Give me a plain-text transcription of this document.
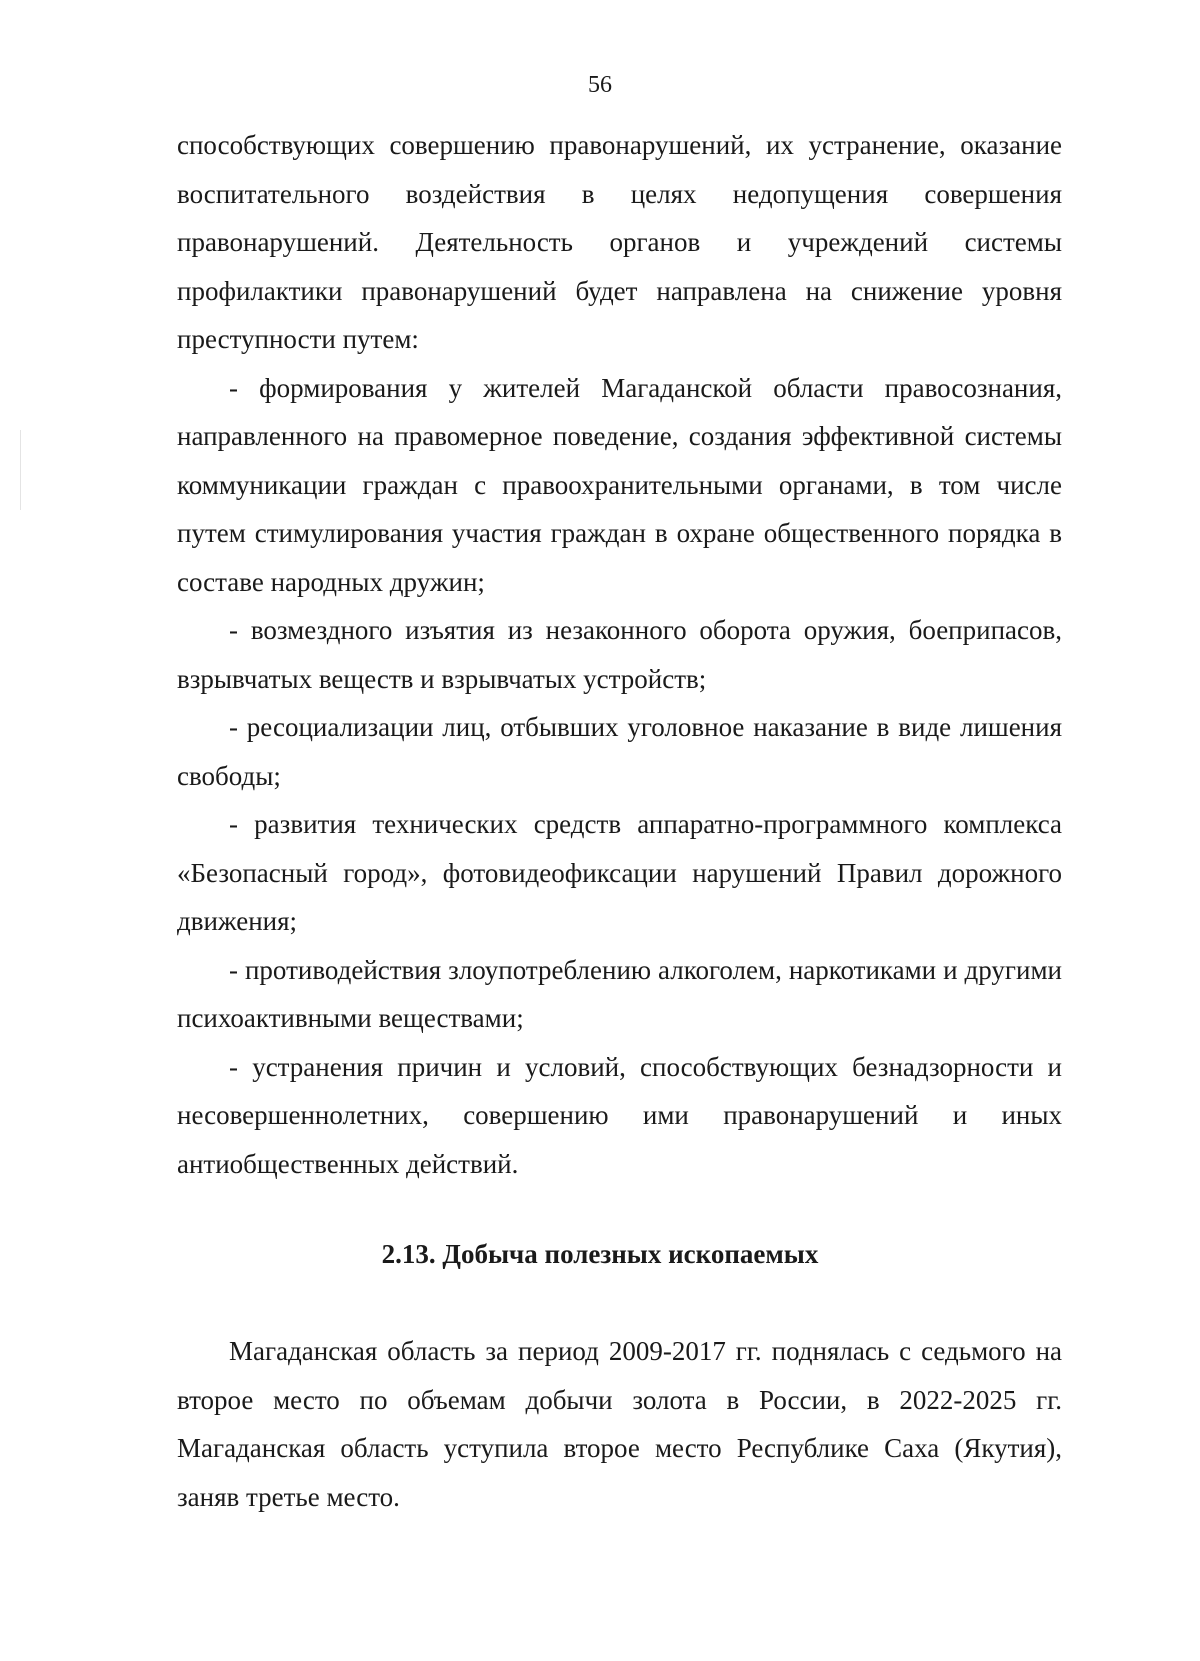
56

способствующих совершению правонарушений, их устранение, оказание воспитательного воздействия в целях недопущения совершения правонарушений. Деятельность органов и учреждений системы профилактики правонарушений будет направлена на снижение уровня преступности путем:

- формирования у жителей Магаданской области правосознания, направленного на правомерное поведение, создания эффективной системы коммуникации граждан с правоохранительными органами, в том числе путем стимулирования участия граждан в охране общественного порядка в составе народных дружин;

- возмездного изъятия из незаконного оборота оружия, боеприпасов, взрывчатых веществ и взрывчатых устройств;

- ресоциализации лиц, отбывших уголовное наказание в виде лишения свободы;

- развития технических средств аппаратно-программного комплекса «Безопасный город», фотовидеофиксации нарушений Правил дорожного движения;

- противодействия злоупотреблению алкоголем, наркотиками и другими психоактивными веществами;

- устранения причин и условий, способствующих безнадзорности и несовершеннолетних, совершению ими правонарушений и иных антиобщественных действий.

2.13. Добыча полезных ископаемых

Магаданская область за период 2009-2017 гг. поднялась с седьмого на второе место по объемам добычи золота в России, в 2022-2025 гг. Магаданская область уступила второе место Республике Саха (Якутия), заняв третье место.
